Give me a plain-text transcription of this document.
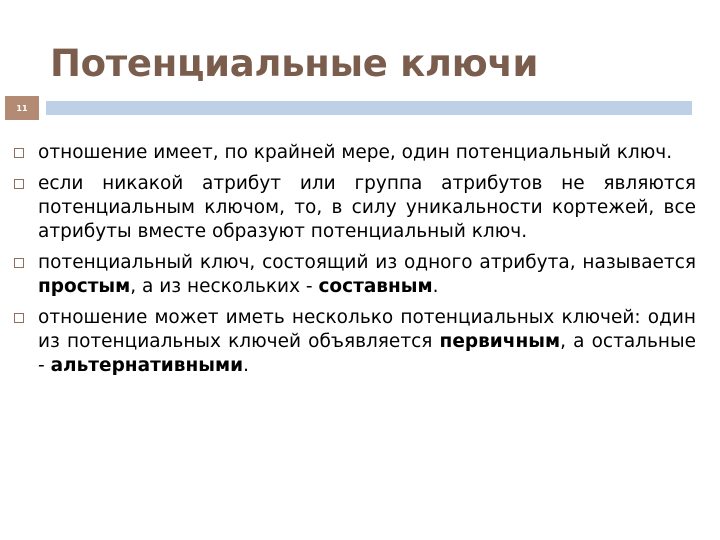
Потенциальные ключи
11
отношение имеет, по крайней мере, один потенциальный ключ.
если никакой атрибут или группа атрибутов не являются потенциальным ключом, то, в силу уникальности кортежей, все атрибуты вместе образуют потенциальный ключ.
потенциальный ключ, состоящий из одного атрибута, называется простым, а из нескольких - составным.
отношение может иметь несколько потенциальных ключей: один из потенциальных ключей объявляется первичным, а остальные - альтернативными.
